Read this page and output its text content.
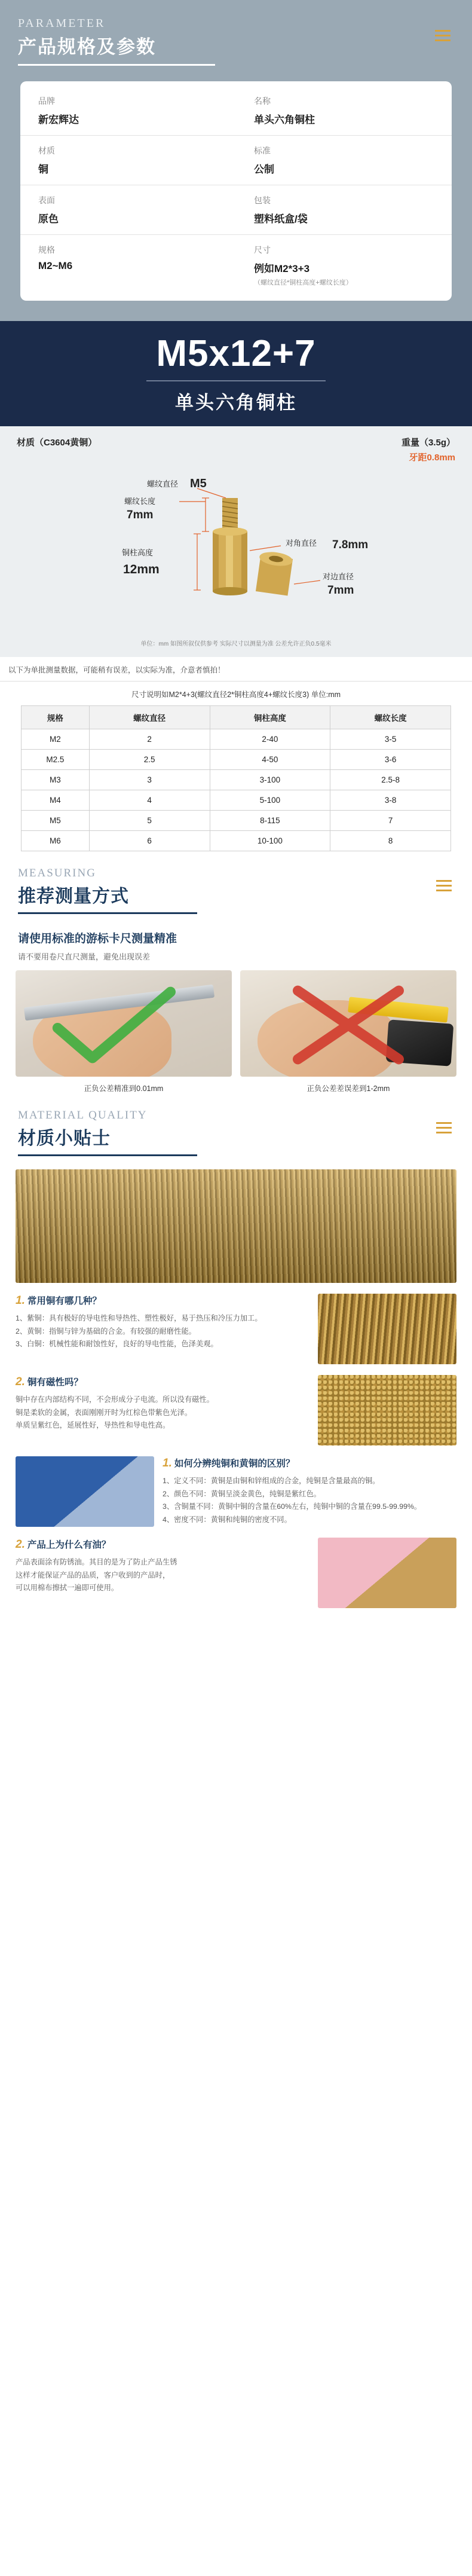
PARAMETER
产品规格及参数
品牌
新宏辉达
名称
单头六角铜柱
材质
铜
标准
公制
表面
原色
包装
塑料纸盒/袋
规格
M2~M6
尺寸
例如M2*3+3
（螺纹直径*铜柱高度+螺纹长度）
M5x12+7
单头六角铜柱
材质（C3604黄铜）	重量（3.5g）
牙距0.8mm
螺纹直径 M5
螺纹长度
7mm
铜柱高度
12mm
对角直径 7.8mm
对边直径
7mm
单位：mm 如图所叙仅供参考 实际尺寸以测量为准 公差允许正负0.5毫米
以下为单批测量数据，可能稍有误差，以实际为准，介意者慎拍！
尺寸说明如M2*4+3(螺纹直径2*铜柱高度4+螺纹长度3) 单位:mm
规格	螺纹直径	铜柱高度	螺纹长度
M2	2	2-40	3-5
M2.5	2.5	4-50	3-6
M3	3	3-100	2.5-8
M4	4	5-100	3-8
M5	5	8-115	7
M6	6	10-100	8
MEASURING
推荐测量方式
请使用标准的游标卡尺测量精准
请不要用卷尺直尺测量，避免出现误差
正负公差精准到0.01mm	正负公差差误差到1-2mm
MATERIAL QUALITY
材质小贴士
1. 常用铜有哪几种？
1、紫铜：具有极好的导电性和导热性、塑性极好，易于热压和冷压力加工。
2、黄铜：指铜与锌为基础的合金。有较强的耐磨性能。
3、白铜：机械性能和耐蚀性好，良好的导电性能，色泽美观。
2. 铜有磁性吗？
铜中存在内部结构不同，不会形成分子电流。所以没有磁性。
铜是柔软的金属，表面刚刚开时为红棕色带紫色光泽。
单质呈紫红色，延展性好，导热性和导电性高。
1. 如何分辨纯铜和黄铜的区别？
1、定义不同：黄铜是由铜和锌组成的合金，纯铜是含量最高的铜。
2、颜色不同：黄铜呈淡金黄色，纯铜是紫红色。
3、含铜量不同：黄铜中铜的含量在60%左右，纯铜中铜的含量在99.5-99.99%。
4、密度不同：黄铜和纯铜的密度不同。
2. 产品上为什么有油？
产品表面涂有防锈油。其目的是为了防止产品生锈
这样才能保证产品的品质，客户收到的产品时，
可以用棉布擦拭一遍即可使用。
